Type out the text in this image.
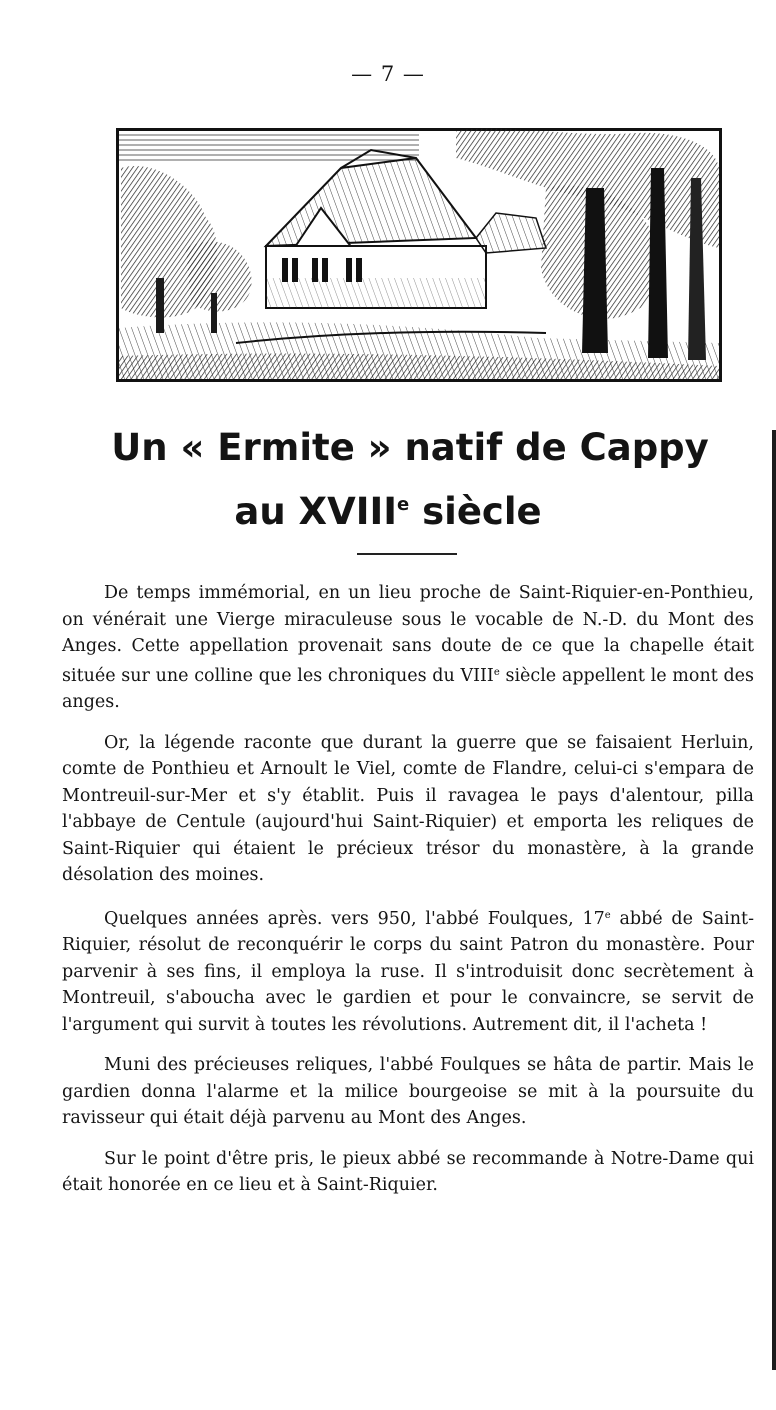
— 7 —
Un « Ermite » natif de Cappy
au XVIIIe siècle

De temps immémorial, en un lieu proche de Saint-Riquier-en-Ponthieu, on vénérait une Vierge miraculeuse sous le vocable de N.-D. du Mont des Anges. Cette appellation provenait sans doute de ce que la chapelle était située sur une colline que les chroniques du VIIIe siècle appellent le mont des anges.

Or, la légende raconte que durant la guerre que se faisaient Herluin, comte de Ponthieu et Arnoult le Viel, comte de Flandre, celui-ci s'empara de Montreuil-sur-Mer et s'y établit. Puis il ravagea le pays d'alentour, pilla l'abbaye de Centule (aujourd'hui Saint-Riquier) et emporta les reliques de Saint-Riquier qui étaient le précieux trésor du monastère, à la grande désolation des moines.

Quelques années après. vers 950, l'abbé Foulques, 17e abbé de Saint-Riquier, résolut de reconquérir le corps du saint Patron du monastère. Pour parvenir à ses fins, il employa la ruse. Il s'introduisit donc secrètement à Montreuil, s'aboucha avec le gardien et pour le convaincre, se servit de l'argument qui survit à toutes les révolutions. Autrement dit, il l'acheta !

Muni des précieuses reliques, l'abbé Foulques se hâta de partir. Mais le gardien donna l'alarme et la milice bourgeoise se mit à la poursuite du ravisseur qui était déjà parvenu au Mont des Anges.

Sur le point d'être pris, le pieux abbé se recommande à Notre-Dame qui était honorée en ce lieu et à Saint-Riquier.
